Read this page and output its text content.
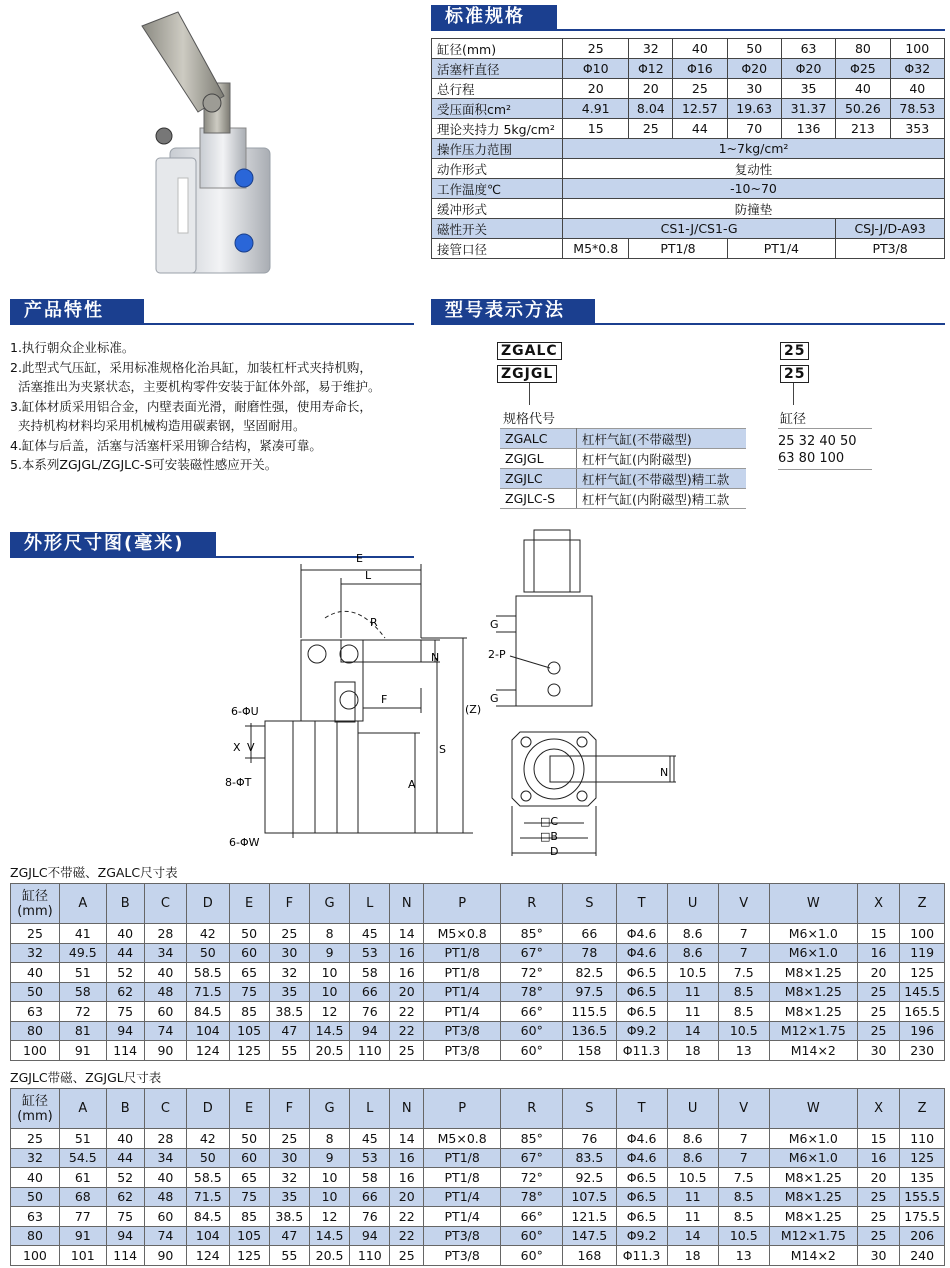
标准规格
缸径(mm)	25	32	40	50	63	80	100
活塞杆直径	Φ10	Φ12	Φ16	Φ20	Φ20	Φ25	Φ32
总行程	20	20	25	30	35	40	40
受压面积cm²	4.91	8.04	12.57	19.63	31.37	50.26	78.53
理论夹持力 5kg/cm²	15	25	44	70	136	213	353
操作压力范围	1~7kg/cm²						
动作形式	复动性						
工作温度℃	-10~70						
缓冲形式	防撞垫						
磁性开关	CS1-J/CS1-G					CSJ-J/D-A93	
接管口径	M5*0.8	PT1/8		PT1/4		PT3/8	
产品特性
1.执行朝众企业标准。
2.此型式气压缸，采用标准规格化治具缸，加装杠杆式夹持机购，
活塞推出为夹紧状态，主要机构零件安装于缸体外部，易于维护。
3.缸体材质采用铝合金，内壁表面光滑，耐磨性强，使用寿命长，
夹持机构材料均采用机械构造用碳素钢，坚固耐用。
4.缸体与后盖，活塞与活塞杆采用铆合结构，紧凑可靠。
5.本系列ZGJGL/ZGJLC-S可安装磁性感应开关。
型号表示方法
ZGALC
ZGJGL
25
25
规格代号	缸径
ZGALC	杠杆气缸(不带磁型)
ZGJGL	杠杆气缸(内附磁型)
ZGJLC	杠杆气缸(不带磁型)精工款
ZGJLC-S	杠杆气缸(内附磁型)精工款
25 32 40 50
63 80 100
外形尺寸图(毫米)
E
L
R
N
F
(Z)
S
A
6-ΦU
X V
8-ΦT
6-ΦW
G
G
2-P
N
□C
□B
D
ZGJLC不带磁、ZGALC尺寸表
缸径
(mm)	A	B	C	D	E	F	G	L	N	P	R	S	T	U	V	W	X	Z
25	41	40	28	42	50	25	8	45	14	M5×0.8	85°	66	Φ4.6	8.6	7	M6×1.0	15	100
32	49.5	44	34	50	60	30	9	53	16	PT1/8	67°	78	Φ4.6	8.6	7	M6×1.0	16	119
40	51	52	40	58.5	65	32	10	58	16	PT1/8	72°	82.5	Φ6.5	10.5	7.5	M8×1.25	20	125
50	58	62	48	71.5	75	35	10	66	20	PT1/4	78°	97.5	Φ6.5	11	8.5	M8×1.25	25	145.5
63	72	75	60	84.5	85	38.5	12	76	22	PT1/4	66°	115.5	Φ6.5	11	8.5	M8×1.25	25	165.5
80	81	94	74	104	105	47	14.5	94	22	PT3/8	60°	136.5	Φ9.2	14	10.5	M12×1.75	25	196
100	91	114	90	124	125	55	20.5	110	25	PT3/8	60°	158	Φ11.3	18	13	M14×2	30	230
ZGJLC带磁、ZGJGL尺寸表
缸径
(mm)	A	B	C	D	E	F	G	L	N	P	R	S	T	U	V	W	X	Z
25	51	40	28	42	50	25	8	45	14	M5×0.8	85°	76	Φ4.6	8.6	7	M6×1.0	15	110
32	54.5	44	34	50	60	30	9	53	16	PT1/8	67°	83.5	Φ4.6	8.6	7	M6×1.0	16	125
40	61	52	40	58.5	65	32	10	58	16	PT1/8	72°	92.5	Φ6.5	10.5	7.5	M8×1.25	20	135
50	68	62	48	71.5	75	35	10	66	20	PT1/4	78°	107.5	Φ6.5	11	8.5	M8×1.25	25	155.5
63	77	75	60	84.5	85	38.5	12	76	22	PT1/4	66°	121.5	Φ6.5	11	8.5	M8×1.25	25	175.5
80	91	94	74	104	105	47	14.5	94	22	PT3/8	60°	147.5	Φ9.2	14	10.5	M12×1.75	25	206
100	101	114	90	124	125	55	20.5	110	25	PT3/8	60°	168	Φ11.3	18	13	M14×2	30	240
